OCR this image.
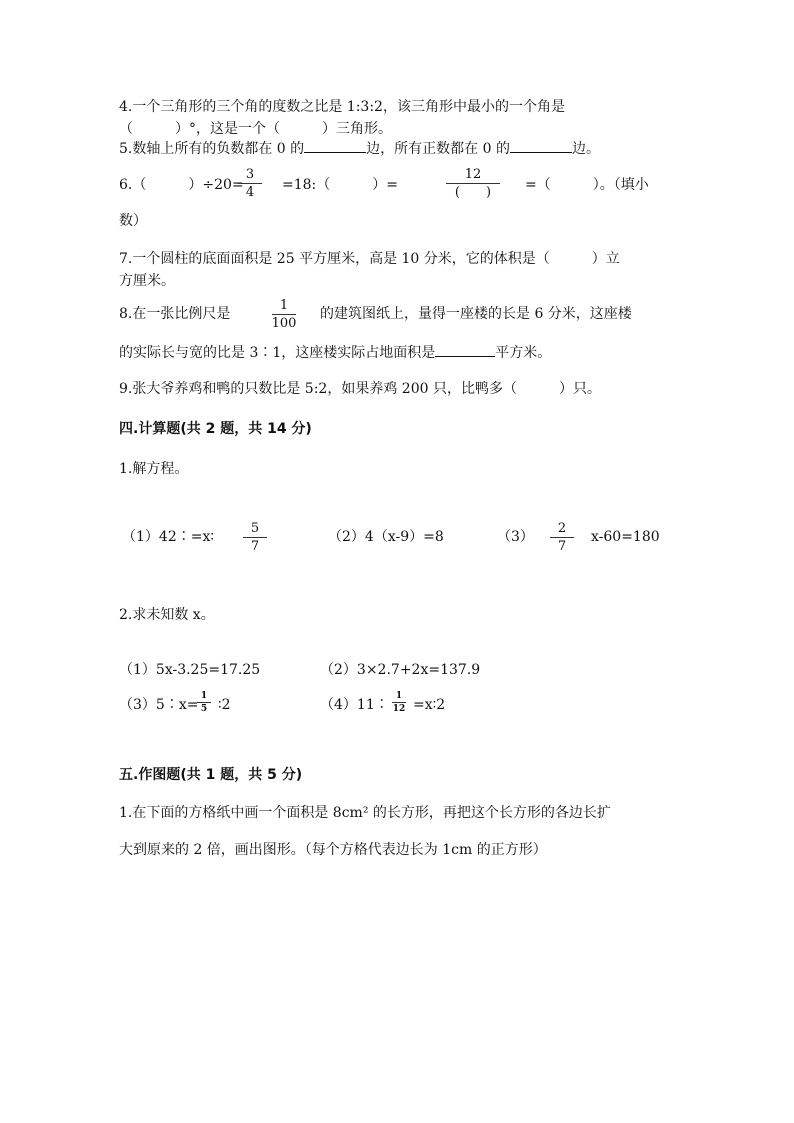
4.一个三角形的三个角的度数之比是 1:3:2，该三角形中最小的一个角是
（　　　）°，这是一个（　　　）三角形。
5.数轴上所有的负数都在 0 的	边，所有正数都在 0 的	边。
6.（　　　）÷20=
3
4	=18:（　　　）=
12
(　　)	=（　　　）。（填小
数）
7.一个圆柱的底面面积是 25 平方厘米，高是 10 分米，它的体积是（　　　）立
方厘米。
8.在一张比例尺是
1
100
的建筑图纸上，量得一座楼的长是 6 分米，这座楼
的实际长与宽的比是 3∶1，这座楼实际占地面积是	平方米。
9.张大爷养鸡和鸭的只数比是 5:2，如果养鸡 200 只，比鸭多（　　　）只。
四.计算题(共 2 题，共 14 分)
1.解方程。
（1）42∶=x∶
5
7
（2）4（x-9）=8	（3）
2
7
x-60=180
2.求未知数 x。
（1）5x-3.25=17.25	（2）3×2.7+2x=137.9
（3）5∶x=
1
5 ∶2	（4）11∶
1
12 =x∶2
五.作图题(共 1 题，共 5 分)
1.在下面的方格纸中画一个面积是 8cm² 的长方形，再把这个长方形的各边长扩
大到原来的 2 倍，画出图形。（每个方格代表边长为 1cm 的正方形）
